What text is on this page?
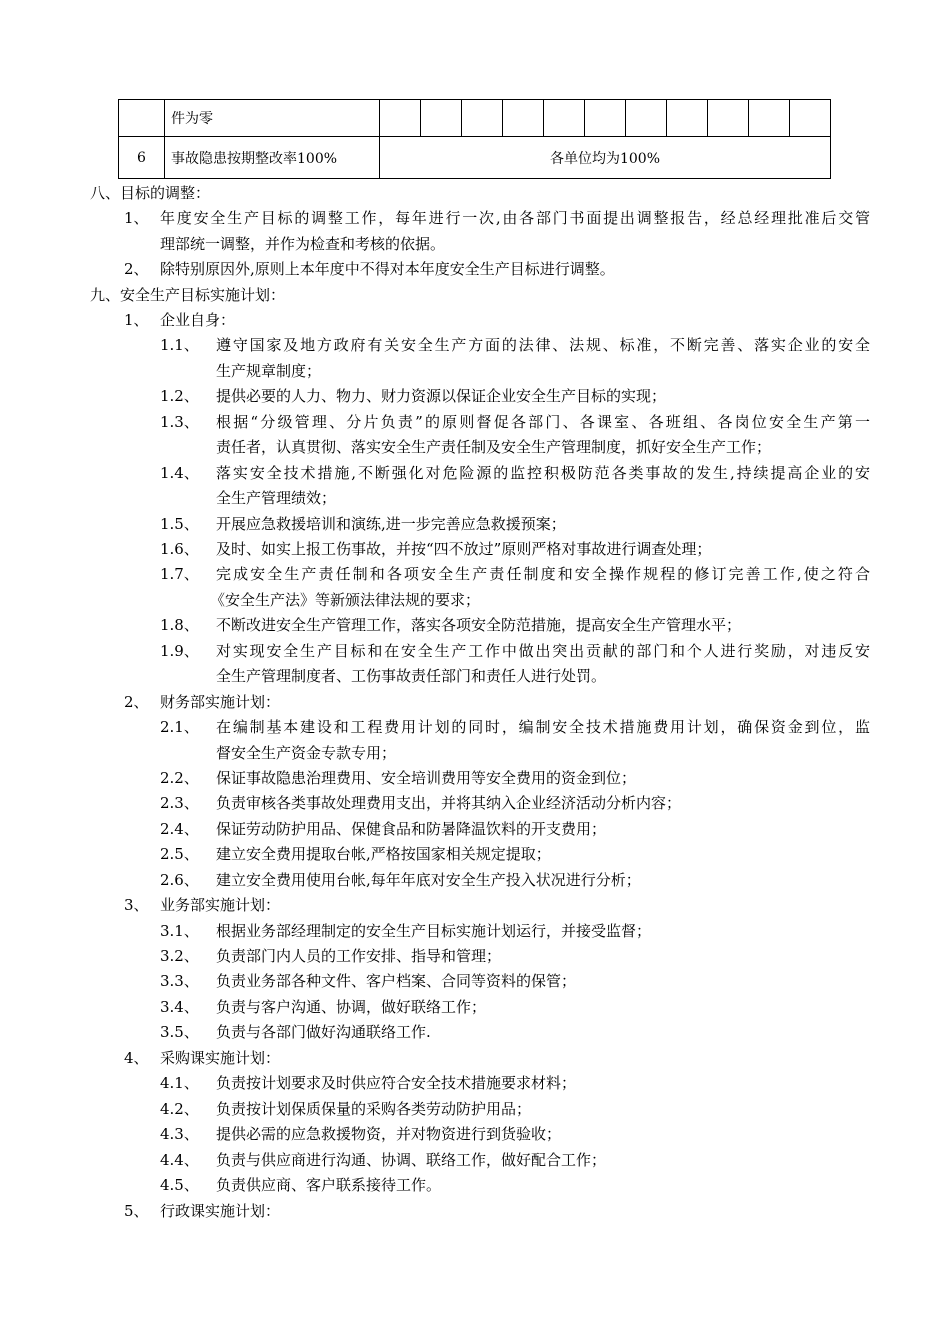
	件为零											
6	事故隐患按期整改率100%	各单位均为100%										
八、目标的调整：
1、 年度安全生产目标的调整工作，每年进行一次,由各部门书面提出调整报告，经总经理批准后交管
理部统一调整，并作为检查和考核的依据。
2、 除特别原因外,原则上本年度中不得对本年度安全生产目标进行调整。
九、安全生产目标实施计划：
1、 企业自身：
1.1、 遵守国家及地方政府有关安全生产方面的法律、法规、标准，不断完善、落实企业的安全
生产规章制度；
1.2、 提供必要的人力、物力、财力资源以保证企业安全生产目标的实现；
1.3、 根据“分级管理、分片负责”的原则督促各部门、各课室、各班组、各岗位安全生产第一
责任者，认真贯彻、落实安全生产责任制及安全生产管理制度，抓好安全生产工作；
1.4、 落实安全技术措施,不断强化对危险源的监控积极防范各类事故的发生,持续提高企业的安
全生产管理绩效；
1.5、 开展应急救援培训和演练,进一步完善应急救援预案；
1.6、 及时、如实上报工伤事故，并按“四不放过”原则严格对事故进行调查处理；
1.7、 完成安全生产责任制和各项安全生产责任制度和安全操作规程的修订完善工作,使之符合
《安全生产法》等新颁法律法规的要求；
1.8、 不断改进安全生产管理工作，落实各项安全防范措施，提高安全生产管理水平；
1.9、 对实现安全生产目标和在安全生产工作中做出突出贡献的部门和个人进行奖励，对违反安
全生产管理制度者、工伤事故责任部门和责任人进行处罚。
2、 财务部实施计划：
2.1、 在编制基本建设和工程费用计划的同时，编制安全技术措施费用计划，确保资金到位，监
督安全生产资金专款专用；
2.2、 保证事故隐患治理费用、安全培训费用等安全费用的资金到位；
2.3、 负责审核各类事故处理费用支出，并将其纳入企业经济活动分析内容；
2.4、 保证劳动防护用品、保健食品和防暑降温饮料的开支费用；
2.5、 建立安全费用提取台帐,严格按国家相关规定提取；
2.6、 建立安全费用使用台帐,每年年底对安全生产投入状况进行分析；
3、 业务部实施计划：
3.1、 根据业务部经理制定的安全生产目标实施计划运行，并接受监督；
3.2、 负责部门内人员的工作安排、指导和管理；
3.3、 负责业务部各种文件、客户档案、合同等资料的保管；
3.4、 负责与客户沟通、协调，做好联络工作；
3.5、 负责与各部门做好沟通联络工作.
4、 采购课实施计划：
4.1、 负责按计划要求及时供应符合安全技术措施要求材料；
4.2、 负责按计划保质保量的采购各类劳动防护用品；
4.3、 提供必需的应急救援物资，并对物资进行到货验收；
4.4、 负责与供应商进行沟通、协调、联络工作，做好配合工作；
4.5、 负责供应商、客户联系接待工作。
5、 行政课实施计划：
